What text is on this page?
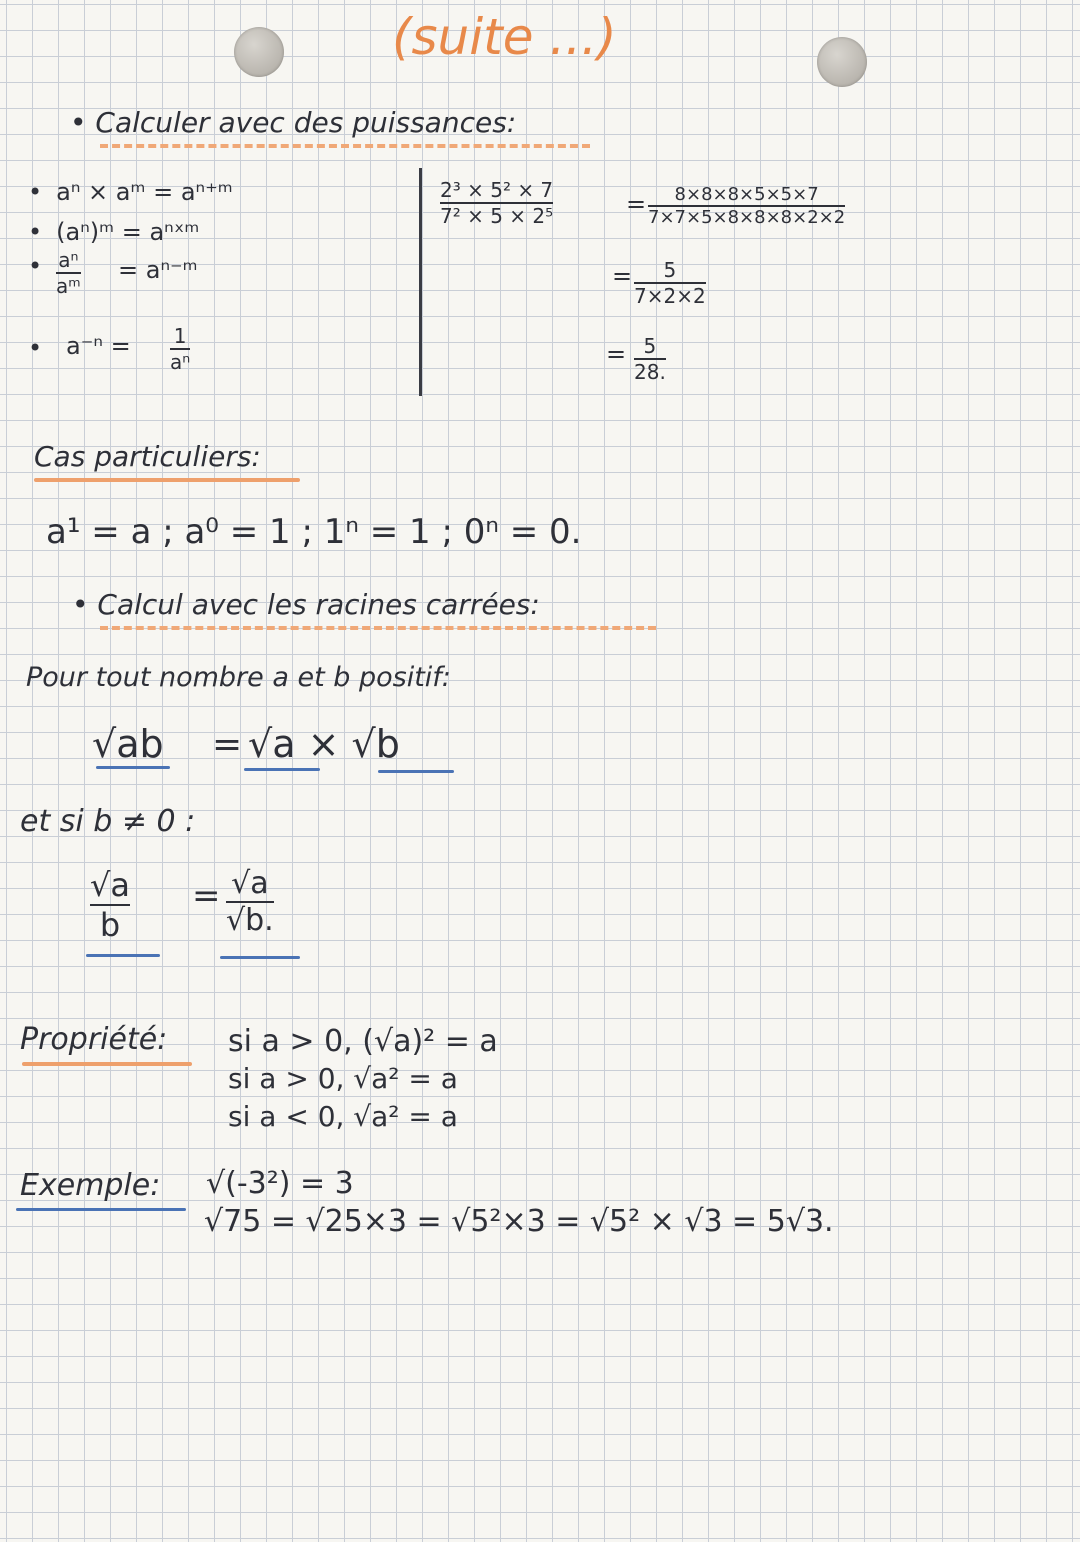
(suite ...)
• Calculer avec des puissances:
• aⁿ × aᵐ = aⁿ⁺ᵐ
• (aⁿ)ᵐ = aⁿˣᵐ
• aⁿ
aᵐ
= aⁿ⁻ᵐ
• a⁻ⁿ = 1
aⁿ
2³ × 5² × 7
7² × 5 × 2⁵	= 8×8×8×5×5×7
7×7×5×8×8×8×2×2
= 5
7×2×2
= 5
28.
Cas particuliers:
a¹ = a ; a⁰ = 1 ; 1ⁿ = 1 ; 0ⁿ = 0.
• Calcul avec les racines carrées:
Pour tout nombre a et b positif:
√ab = √a × √b
et si b ≠ 0 :
√a
b
= √a
√b.
Propriété: si a > 0, (√a)² = a
si a > 0, √a² = a
si a < 0, √a² = a
Exemple: √(-3²) = 3
√75 = √25×3 = √5²×3 = √5² × √3 = 5√3.
